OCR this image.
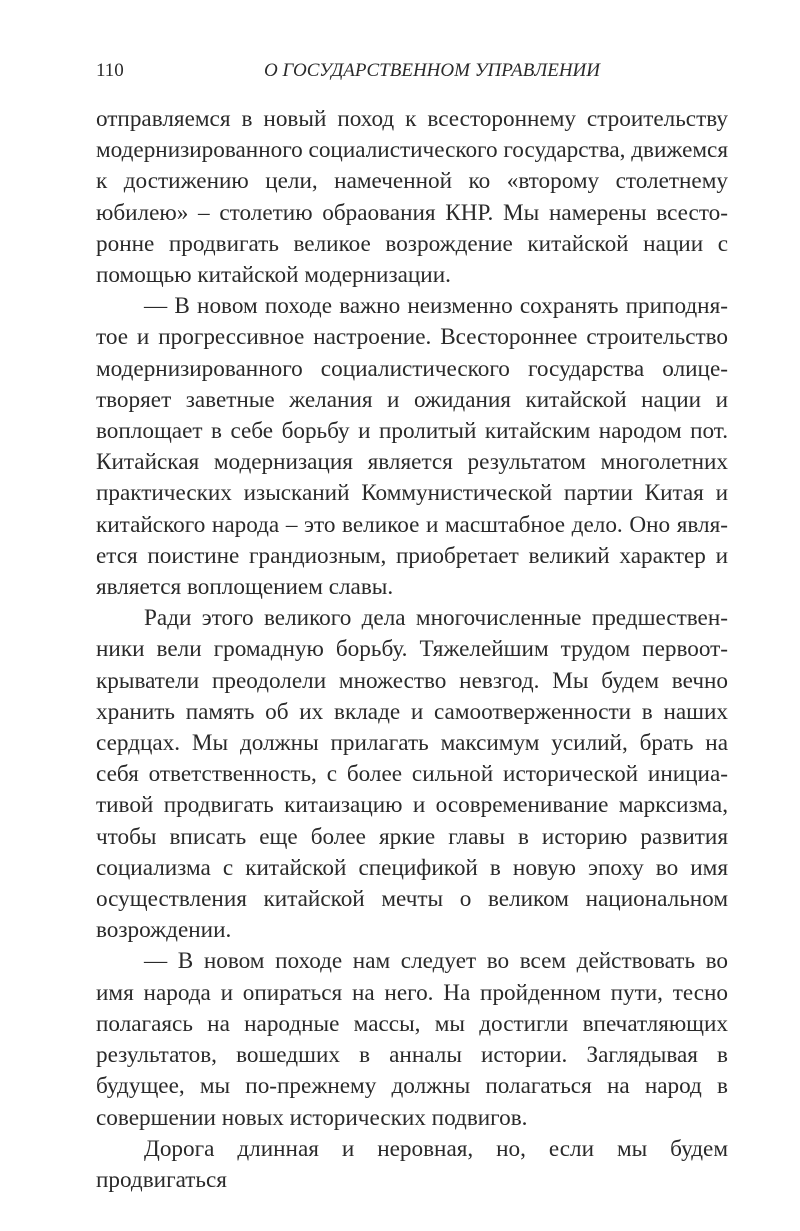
110	О ГОСУДАРСТВЕННОМ УПРАВЛЕНИИ

отправляемся в новый поход к всестороннему строительству модернизированного социалистического государства, движемся к достижению цели, намеченной ко «второму столетнему юбилею» – столетию обраования КНР. Мы намерены всесторонне продвигать великое возрождение китайской нации с помощью китайской модернизации.

— В новом походе важно неизменно сохранять приподнятое и прогрессивное настроение. Всестороннее строительство модернизированного социалистического государства олицетворяет заветные желания и ожидания китайской нации и воплощает в себе борьбу и пролитый китайским народом пот. Китайская модернизация является результатом многолетних практических изысканий Коммунистической партии Китая и китайского народа – это великое и масштабное дело. Оно является поистине грандиозным, приобретает великий характер и является воплощением славы.

Ради этого великого дела многочисленные предшественники вели громадную борьбу. Тяжелейшим трудом первооткрыватели преодолели множество невзгод. Мы будем вечно хранить память об их вкладе и самоотверженности в наших сердцах. Мы должны прилагать максимум усилий, брать на себя ответственность, с более сильной исторической инициативой продвигать китаизацию и осовременивание марксизма, чтобы вписать еще более яркие главы в историю развития социализма с китайской спецификой в новую эпоху во имя осуществления китайской мечты о великом национальном возрождении.

— В новом походе нам следует во всем действовать во имя народа и опираться на него. На пройденном пути, тесно полагаясь на народные массы, мы достигли впечатляющих результатов, вошедших в анналы истории. Заглядывая в будущее, мы по-прежнему должны полагаться на народ в совершении новых исторических подвигов.

Дорога длинная и неровная, но, если мы будем продвигаться
